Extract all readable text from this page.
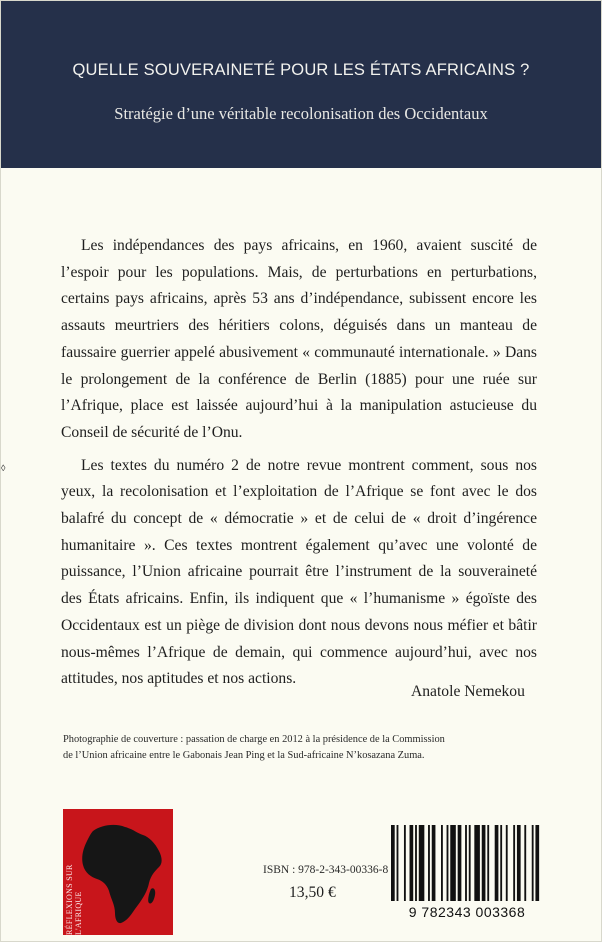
QUELLE SOUVERAINETÉ POUR LES ÉTATS AFRICAINS ?
Stratégie d’une véritable recolonisation des Occidentaux
◊

Les indépendances des pays africains, en 1960, avaient suscité de l’espoir pour les populations. Mais, de perturbations en perturbations, certains pays africains, après 53 ans d’indépendance, subissent encore les assauts meurtriers des héritiers colons, déguisés dans un manteau de faussaire guerrier appelé abusivement « communauté internationale. » Dans le prolongement de la conférence de Berlin (1885) pour une ruée sur l’Afrique, place est laissée aujourd’hui à la manipulation astucieuse du Conseil de sécurité de l’Onu.

Les textes du numéro 2 de notre revue montrent comment, sous nos yeux, la recolonisation et l’exploitation de l’Afrique se font avec le dos balafré du concept de « démocratie » et de celui de « droit d’ingérence humanitaire ». Ces textes montrent également qu’avec une volonté de puissance, l’Union africaine pourrait être l’instrument de la souveraineté des États africains. Enfin, ils indiquent que « l’humanisme » égoïste des Occidentaux est un piège de division dont nous devons nous méfier et bâtir nous-mêmes l’Afrique de demain, qui commence aujourd’hui, avec nos attitudes, nos aptitudes et nos actions.

Anatole Nemekou
Photographie de couverture : passation de charge en 2012 à la présidence de la Commission
de l’Union africaine entre le Gabonais Jean Ping et la Sud-africaine N’kosazana Zuma.
RÉFLEXIONS SUR L'AFRIQUE
ISBN : 978-2-343-00336-8
13,50 €
9 782343 003368
